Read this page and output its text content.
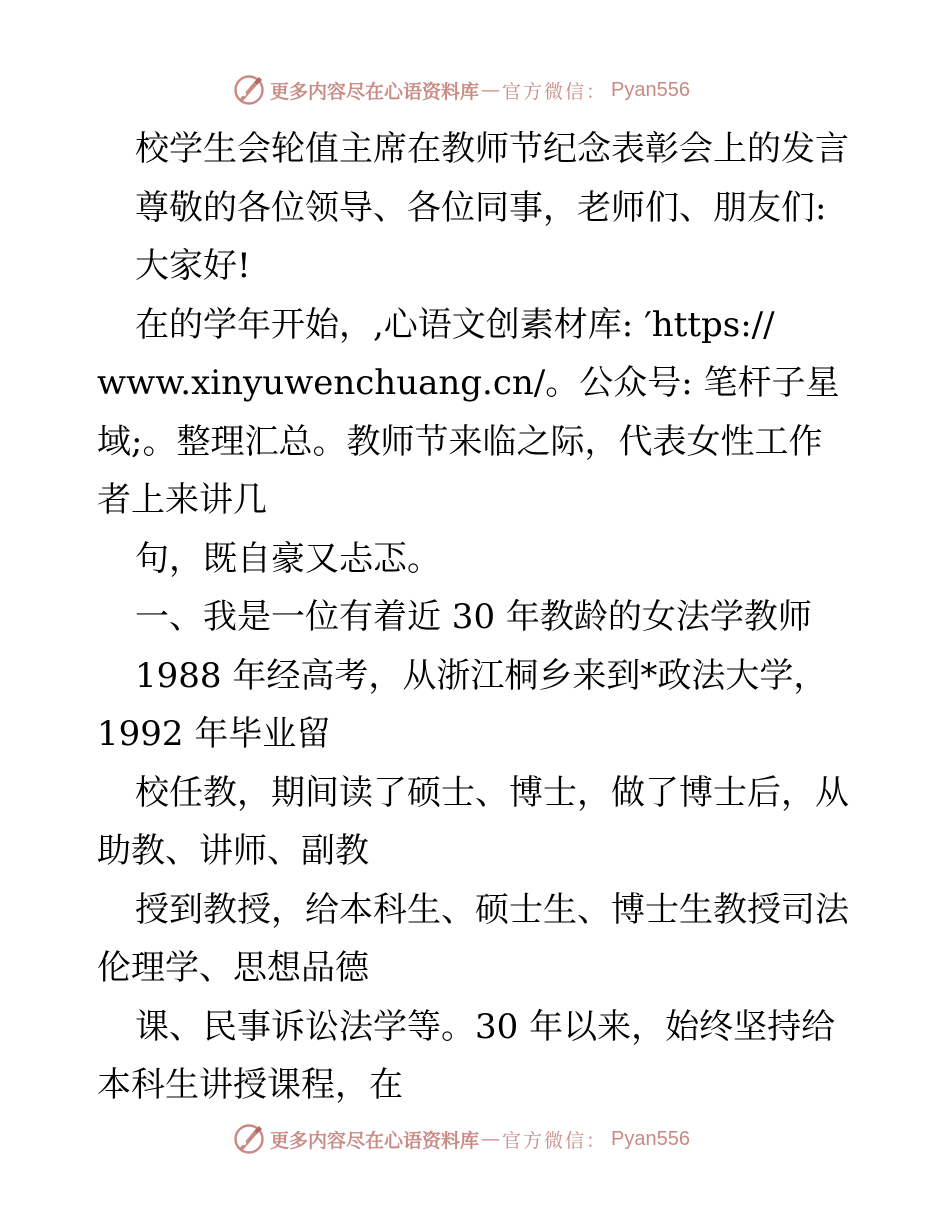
更多内容尽在心语资料库 — 官方微信： Pyan556
校学生会轮值主席在教师节纪念表彰会上的发言
尊敬的各位领导、各位同事，老师们、朋友们:
大家好!
在的学年开始，,心语文创素材库: ′https://
www.xinyuwenchuang.cn/。公众号: 笔杆子星
域;。整理汇总。教师节来临之际，代表女性工作
者上来讲几
句，既自豪又忐忑。
一、我是一位有着近 30 年教龄的女法学教师
1988 年经高考，从浙江桐乡来到*政法大学，
1992 年毕业留
校任教，期间读了硕士、博士，做了博士后，从
助教、讲师、副教
授到教授，给本科生、硕士生、博士生教授司法
伦理学、思想品德
课、民事诉讼法学等。30 年以来，始终坚持给
本科生讲授课程，在
更多内容尽在心语资料库 — 官方微信： Pyan556
